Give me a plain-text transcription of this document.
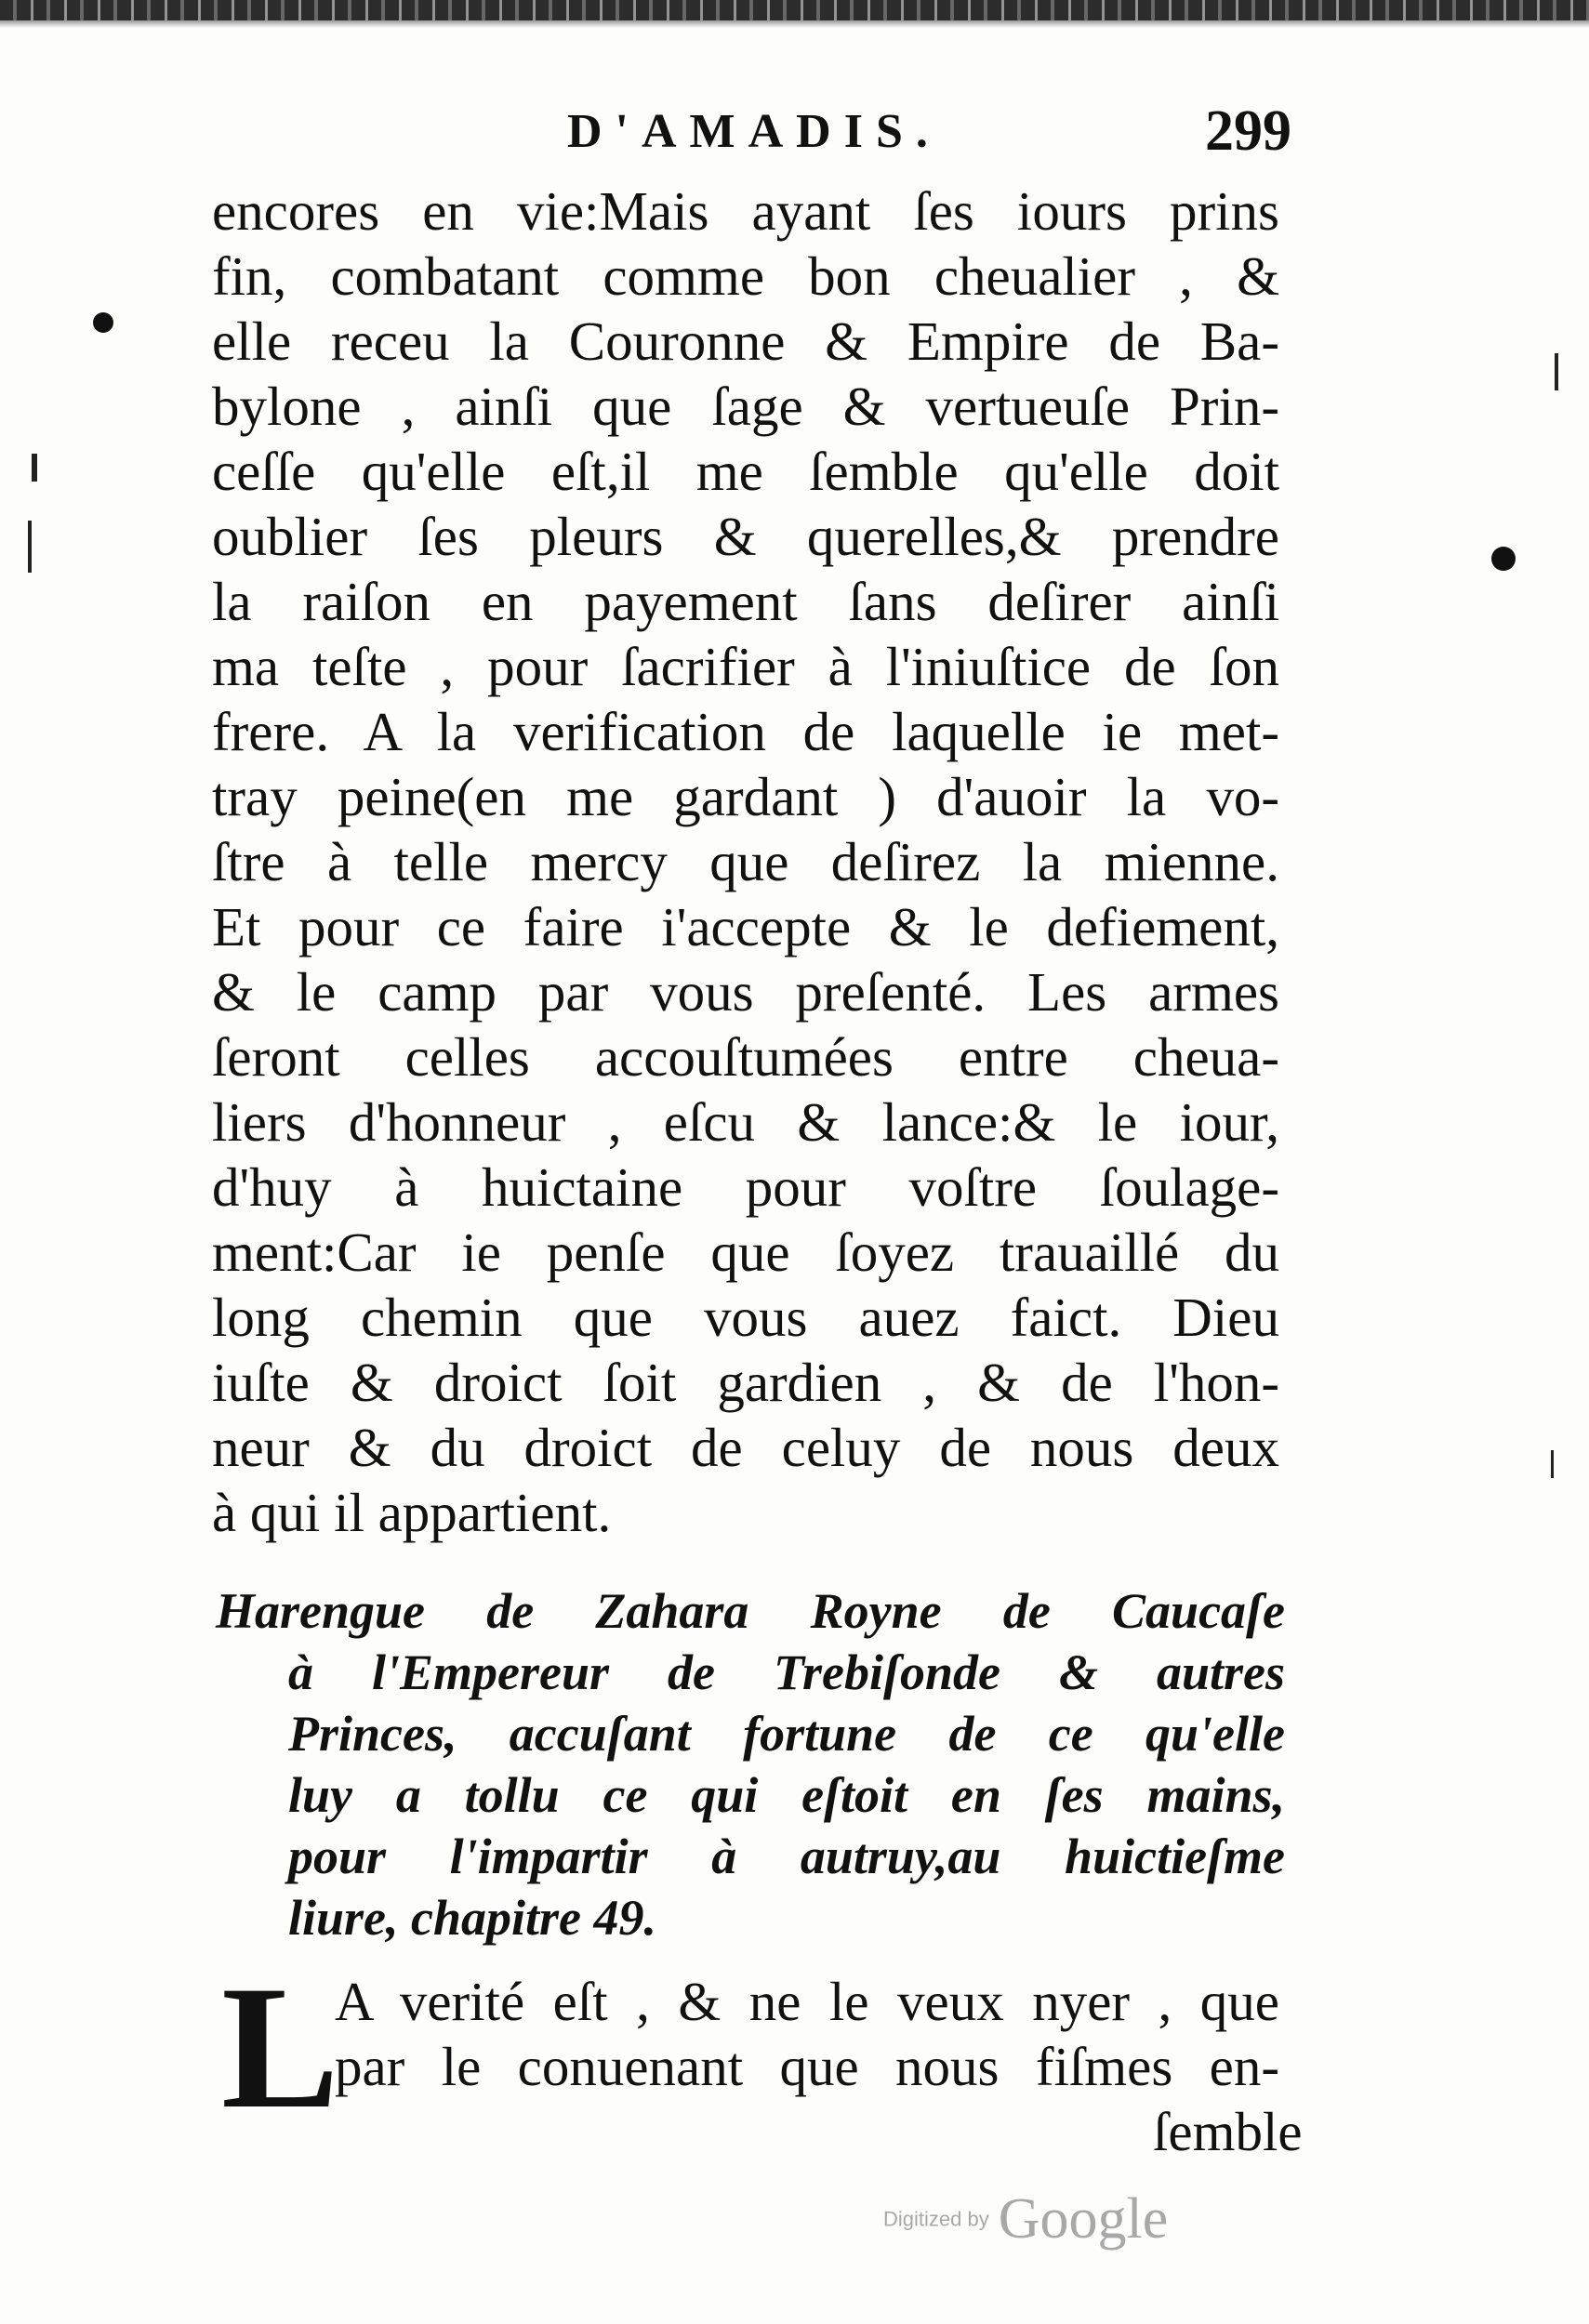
D'AMADIS.	299
encores en vie:Mais ayant ſes iours prins
fin, combatant comme bon cheualier , &
elle receu la Couronne & Empire de Ba-
bylone , ainſi que ſage & vertueuſe Prin-
ceſſe qu'elle eſt,il me ſemble qu'elle doit
oublier ſes pleurs & querelles,& prendre
la raiſon en payement ſans deſirer ainſi
ma teſte , pour ſacrifier à l'iniuſtice de ſon
frere. A la verification de laquelle ie met-
tray peine(en me gardant ) d'auoir la vo-
ſtre à telle mercy que deſirez la mienne.
Et pour ce faire i'accepte & le defiement,
& le camp par vous preſenté. Les armes
ſeront celles accouſtumées entre cheua-
liers d'honneur , eſcu & lance:& le iour,
d'huy à huictaine pour voſtre ſoulage-
ment:Car ie penſe que ſoyez trauaillé du
long chemin que vous auez faict. Dieu
iuſte & droict ſoit gardien , & de l'hon-
neur & du droict de celuy de nous deux
à qui il appartient.
Harengue de Zahara Royne de Caucaſe
à l'Empereur de Trebiſonde & autres
Princes, accuſant fortune de ce qu'elle
luy a tollu ce qui eſtoit en ſes mains,
pour l'impartir à autruy,au huictieſme
liure, chapitre 49.
L
A verité eſt , & ne le veux nyer , que
par le conuenant que nous fiſmes en-
ſemble
Digitized by Google
